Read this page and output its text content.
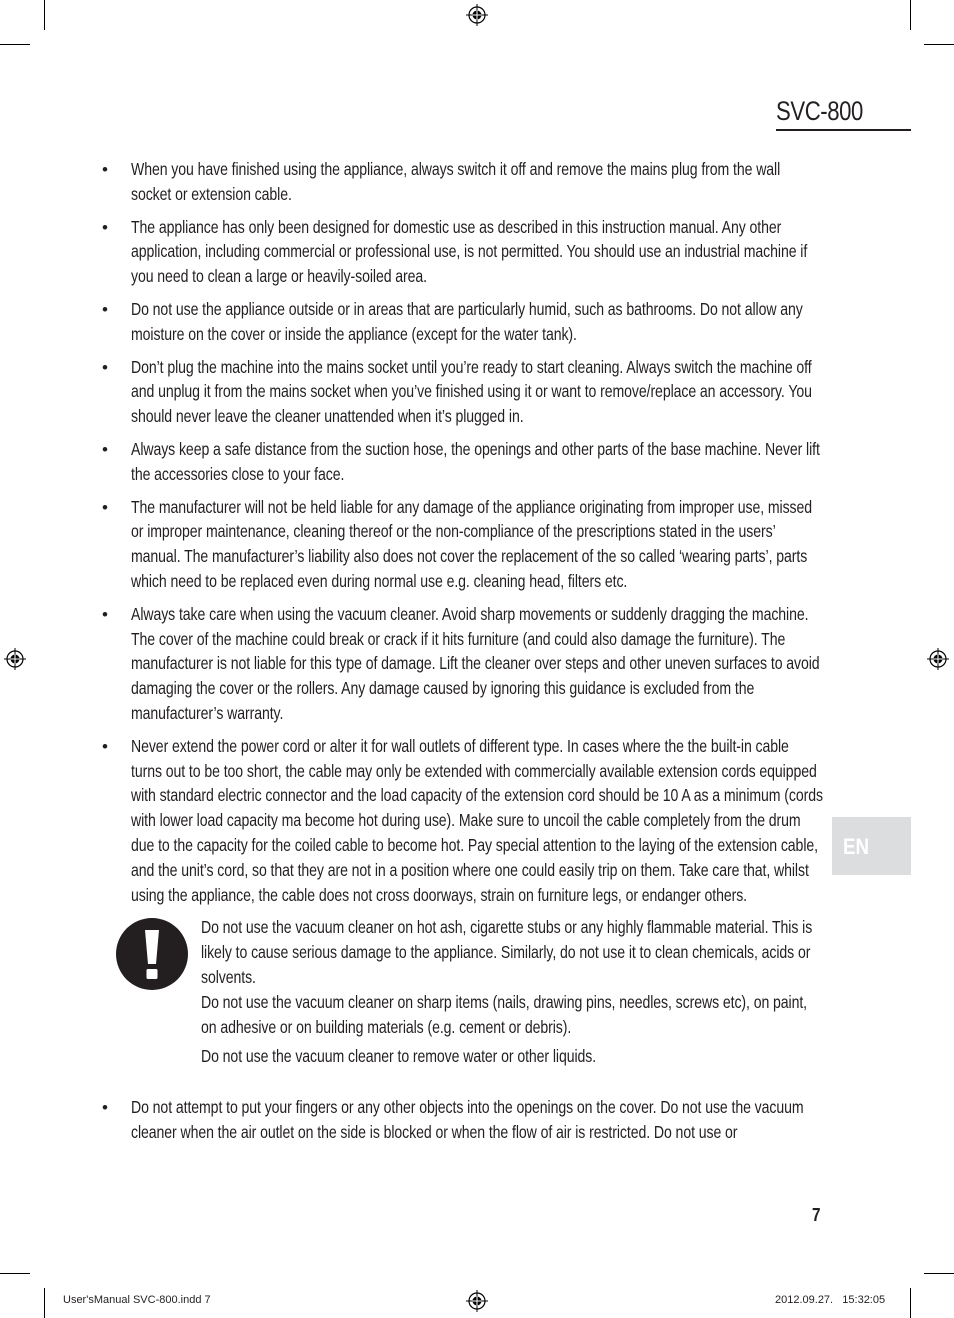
SVC-800
EN
• When you have finished using the appliance, always switch it off and remove the mains plug from the wall socket or extension cable.
• The appliance has only been designed for domestic use as described in this instruction manual. Any other application, including commercial or professional use, is not permitted. You should use an industrial machine if you need to clean a large or heavily-soiled area.
• Do not use the appliance outside or in areas that are particularly humid, such as bathrooms. Do not allow any moisture on the cover or inside the appliance (except for the water tank).
• Don’t plug the machine into the mains socket until you’re ready to start cleaning. Always switch the machine off and unplug it from the mains socket when you’ve finished using it or want to remove/replace an accessory. You should never leave the cleaner unattended when it’s plugged in.
• Always keep a safe distance from the suction hose, the openings and other parts of the base machine. Never lift the accessories close to your face.
• The manufacturer will not be held liable for any damage of the appliance originating from improper use, missed or improper maintenance, cleaning thereof or the non-compliance of the prescriptions stated in the users’ manual. The manufacturer’s liability also does not cover the replacement of the so called ‘wearing parts’, parts which need to be replaced even during normal use e.g. cleaning head, filters etc.
• Always take care when using the vacuum cleaner. Avoid sharp movements or suddenly dragging the machine. The cover of the machine could break or crack if it hits furniture (and could also damage the furniture). The manufacturer is not liable for this type of damage. Lift the cleaner over steps and other uneven surfaces to avoid damaging the cover or the rollers. Any damage caused by ignoring this guidance is excluded from the manufacturer’s warranty.
• Never extend the power cord or alter it for wall outlets of different type. In cases where the the built-in cable turns out to be too short, the cable may only be extended with commercially available extension cords equipped with standard electric connector and the load capacity of the extension cord should be 10 A as a minimum (cords with lower load capacity ma become hot during use). Make sure to uncoil the cable completely from the drum due to the capacity for the coiled cable to become hot. Pay special attention to the laying of the extension cable, and the unit’s cord, so that they are not in a position where one could easily trip on them. Take care that, whilst using the appliance, the cable does not cross doorways, strain on furniture legs, or endanger others.
Do not use the vacuum cleaner on hot ash, cigarette stubs or any highly flammable material. This is likely to cause serious damage to the appliance. Similarly, do not use it to clean chemicals, acids or solvents.
Do not use the vacuum cleaner on sharp items (nails, drawing pins, needles, screws etc), on paint, on adhesive or on building materials (e.g. cement or debris).
Do not use the vacuum cleaner to remove water or other liquids.
• Do not attempt to put your fingers or any other objects into the openings on the cover. Do not use the vacuum cleaner when the air outlet on the side is blocked or when the flow of air is restricted. Do not use or
7
User'sManual SVC-800.indd 7	2012.09.27.   15:32:05
